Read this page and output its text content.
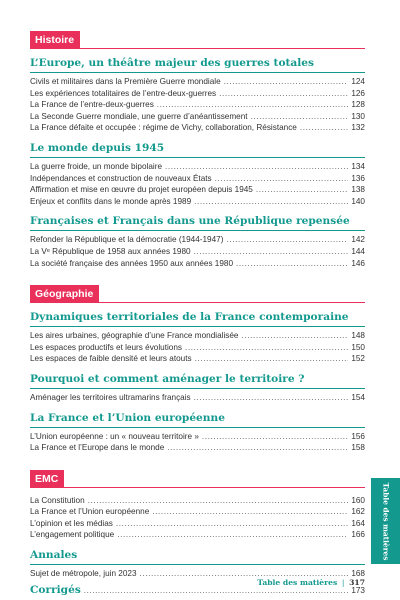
Histoire
L’Europe, un théâtre majeur des guerres totales
Civils et militaires dans la Première Guerre mondiale .....	124
Les expériences totalitaires de l’entre-deux-guerres .....	126
La France de l’entre-deux-guerres .....	128
La Seconde Guerre mondiale, une guerre d’anéantissement .....	130
La France défaite et occupée : régime de Vichy, collaboration, Résistance .....	132
Le monde depuis 1945
La guerre froide, un monde bipolaire .....	134
Indépendances et construction de nouveaux États .....	136
Affirmation et mise en œuvre du projet européen depuis 1945 .....	138
Enjeux et conflits dans le monde après 1989 .....	140
Françaises et Français dans une République repensée
Refonder la République et la démocratie (1944-1947) .....	142
La Vᵉ République de 1958 aux années 1980 .....	144
La société française des années 1950 aux années 1980 .....	146
Géographie
Dynamiques territoriales de la France contemporaine
Les aires urbaines, géographie d’une France mondialisée .....	148
Les espaces productifs et leurs évolutions .....	150
Les espaces de faible densité et leurs atouts .....	152
Pourquoi et comment aménager le territoire ?
Aménager les territoires ultramarins français .....	154
La France et l’Union européenne
L’Union européenne : un « nouveau territoire » .....	156
La France et l’Europe dans le monde .....	158
EMC
La Constitution .....	160
La France et l’Union européenne .....	162
L’opinion et les médias .....	164
L’engagement politique .....	166
Annales
Sujet de métropole, juin 2023 .....	168
Corrigés .....	173
Table des matières
Table des matières | 317
